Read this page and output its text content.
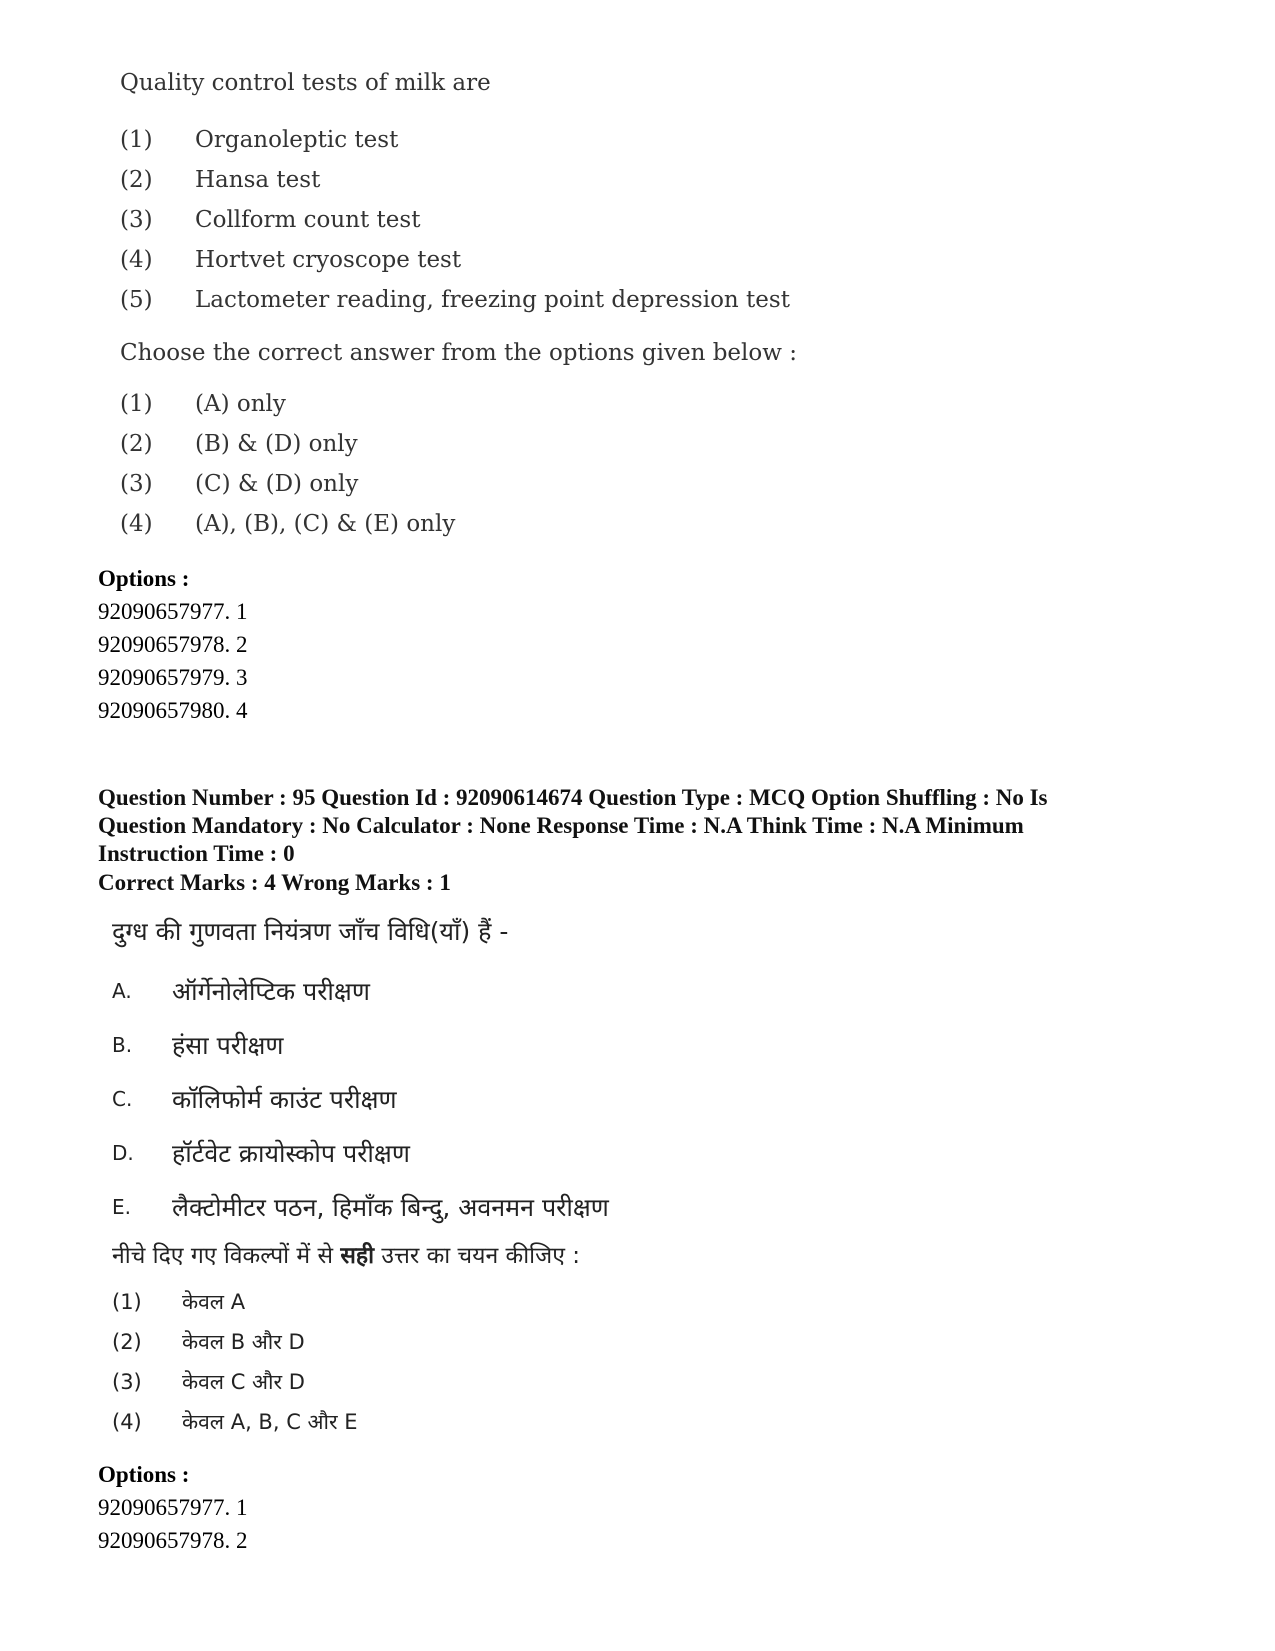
Quality control tests of milk are
(1)	Organoleptic test
(2)	Hansa test
(3)	Collform count test
(4)	Hortvet cryoscope test
(5)	Lactometer reading, freezing point depression test
Choose the correct answer from the options given below :
(1)	(A) only
(2)	(B) & (D) only
(3)	(C) & (D) only
(4)	(A), (B), (C) & (E) only
Options :
92090657977. 1
92090657978. 2
92090657979. 3
92090657980. 4
Question Number : 95 Question Id : 92090614674 Question Type : MCQ Option Shuffling : No Is Question Mandatory : No Calculator : None Response Time : N.A Think Time : N.A Minimum Instruction Time : 0
Correct Marks : 4 Wrong Marks : 1
दुग्ध की गुणवता नियंत्रण जाँच विधि(याँ) हैं -
A.	ऑर्गेनोलेप्टिक परीक्षण
B.	हंसा परीक्षण
C.	कॉलिफोर्म काउंट परीक्षण
D.	हॉर्टवेट क्रायोस्कोप परीक्षण
E.	लैक्टोमीटर पठन, हिमाँक बिन्दु, अवनमन परीक्षण
नीचे दिए गए विकल्पों में से सही उत्तर का चयन कीजिए :
(1)	केवल A
(2)	केवल B और D
(3)	केवल C और D
(4)	केवल A, B, C और E
Options :
92090657977. 1
92090657978. 2
